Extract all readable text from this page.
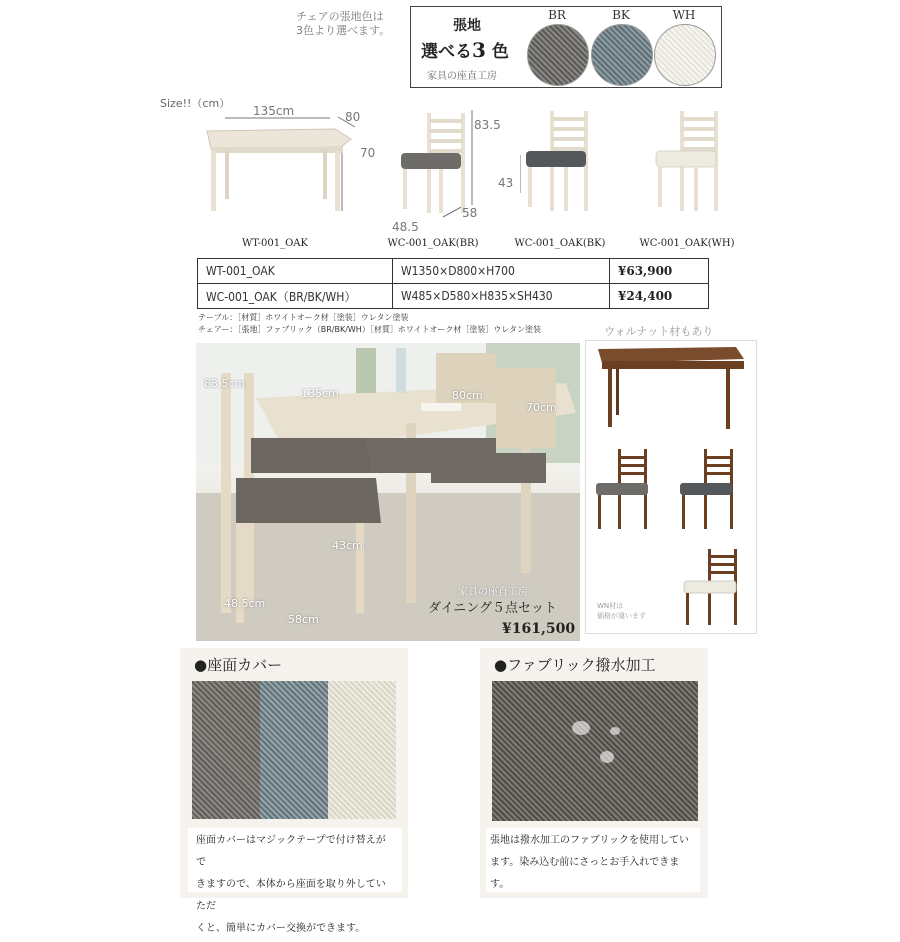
チェアの張地色は
3色より選べます。	張地
選べる3 色
家具の座直工房
BR	BK	WH
Size!!（cm）
135cm	80
70
83.5
48.5
58
43
WT-001_OAK	WC-001_OAK(BR)	WC-001_OAK(BK)	WC-001_OAK(WH)
WT-001_OAK	W1350×D800×H700	¥63,900
WC-001_OAK（BR/BK/WH）	W485×D580×H835×SH430	¥24,400
テーブル：［材質］ホワイトオーク材［塗装］ウレタン塗装
チェアー：［張地］ファブリック（BR/BK/WH）［材質］ホワイトオーク材［塗装］ウレタン塗装
83.5cm
135cm	80cm
70cm
43cm
48.5cm
58cm
家具の座直工房
ダイニング５点セット
¥161,500
ウォルナット材もあり
WN材は
価格が違います
●座面カバー
座面カバーはマジックテープで付け替えがで
きますので、本体から座面を取り外していただ
くと、簡単にカバー交換ができます。
●ファブリック撥水加工
張地は撥水加工のファブリックを使用してい
ます。染み込む前にさっとお手入れできます。
